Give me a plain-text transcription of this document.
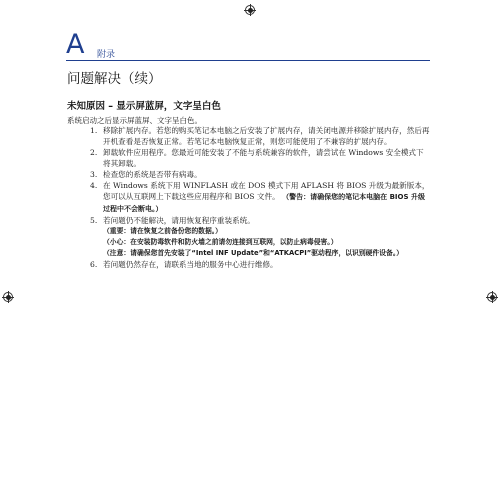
A 附录
问题解决（续）
未知原因 – 显示屏蓝屏，文字呈白色
系统启动之后显示屏蓝屏、文字呈白色。
1. 移除扩展内存。若您的购买笔记本电脑之后安装了扩展内存，请关闭电源并移除扩展内存，然后再开机查看是否恢复正常。若笔记本电脑恢复正常，则您可能使用了不兼容的扩展内存。
2. 卸载软件应用程序。您最近可能安装了不能与系统兼容的软件，请尝试在 Windows 安全模式下将其卸载。
3. 检查您的系统是否带有病毒。
4. 在 Windows 系统下用 WINFLASH 或在 DOS 模式下用 AFLASH 将 BIOS 升级为最新版本，您可以从互联网上下载这些应用程序和 BIOS 文件。 （警告：请确保您的笔记本电脑在 BIOS 升级过程中不会断电。）
5. 若问题仍不能解决，请用恢复程序重装系统。
（重要：请在恢复之前备份您的数据。）
（小心：在安装防毒软件和防火墙之前请勿连接到互联网，以防止病毒侵害。）
（注意：请确保您首先安装了“Intel INF Update”和“ATKACPI”驱动程序，以识别硬件设备。）
6. 若问题仍然存在，请联系当地的服务中心进行维修。
